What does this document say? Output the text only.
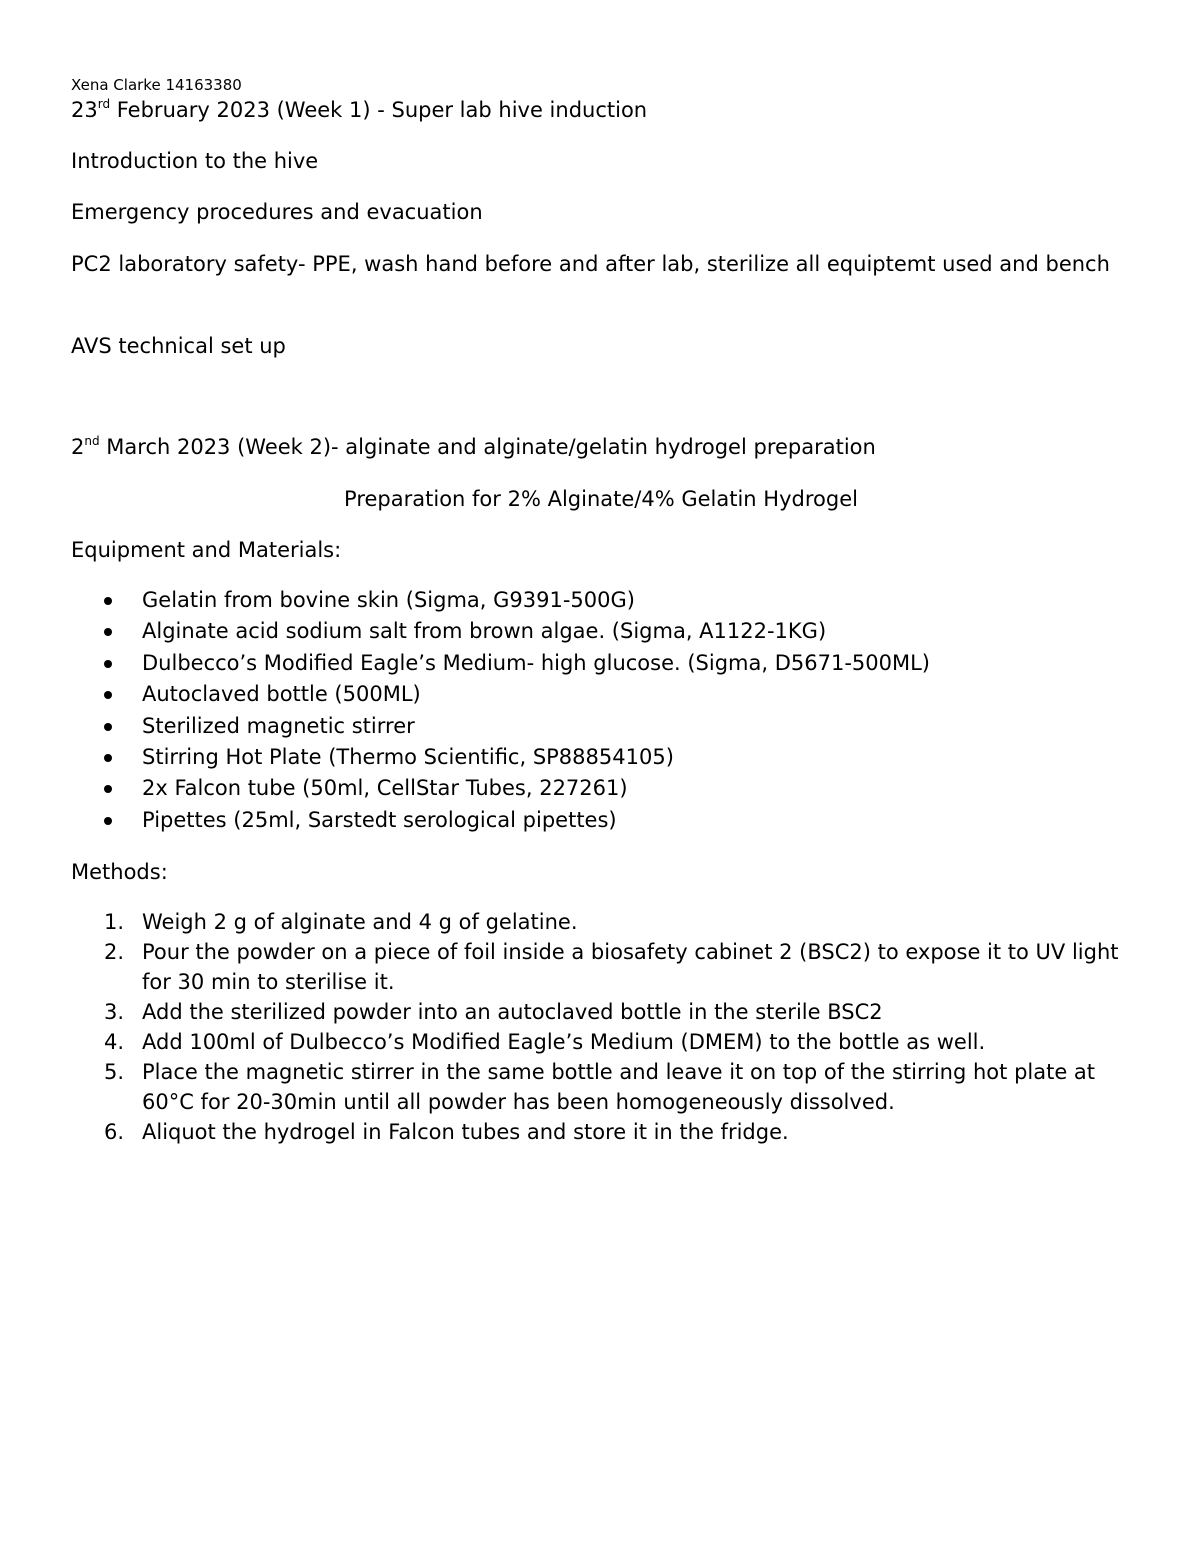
Xena Clarke 14163380
23rd February 2023 (Week 1) - Super lab hive induction
Introduction to the hive
Emergency procedures and evacuation
PC2 laboratory safety- PPE, wash hand before and after lab, sterilize all equiptemt used and bench
AVS technical set up
2nd March 2023 (Week 2)- alginate and alginate/gelatin hydrogel preparation
Preparation for 2% Alginate/4% Gelatin Hydrogel
Equipment and Materials:
Gelatin from bovine skin (Sigma, G9391-500G)
Alginate acid sodium salt from brown algae. (Sigma, A1122-1KG)
Dulbecco’s Modified Eagle’s Medium- high glucose. (Sigma, D5671-500ML)
Autoclaved bottle (500ML)
Sterilized magnetic stirrer
Stirring Hot Plate (Thermo Scientific, SP88854105)
2x Falcon tube (50ml, CellStar Tubes, 227261)
Pipettes (25ml, Sarstedt serological pipettes)
Methods:
1. Weigh 2 g of alginate and 4 g of gelatine.
2. Pour the powder on a piece of foil inside a biosafety cabinet 2 (BSC2) to expose it to UV light for 30 min to sterilise it.
3. Add the sterilized powder into an autoclaved bottle in the sterile BSC2
4. Add 100ml of Dulbecco’s Modified Eagle’s Medium (DMEM) to the bottle as well.
5. Place the magnetic stirrer in the same bottle and leave it on top of the stirring hot plate at 60°C for 20-30min until all powder has been homogeneously dissolved.
6. Aliquot the hydrogel in Falcon tubes and store it in the fridge.
